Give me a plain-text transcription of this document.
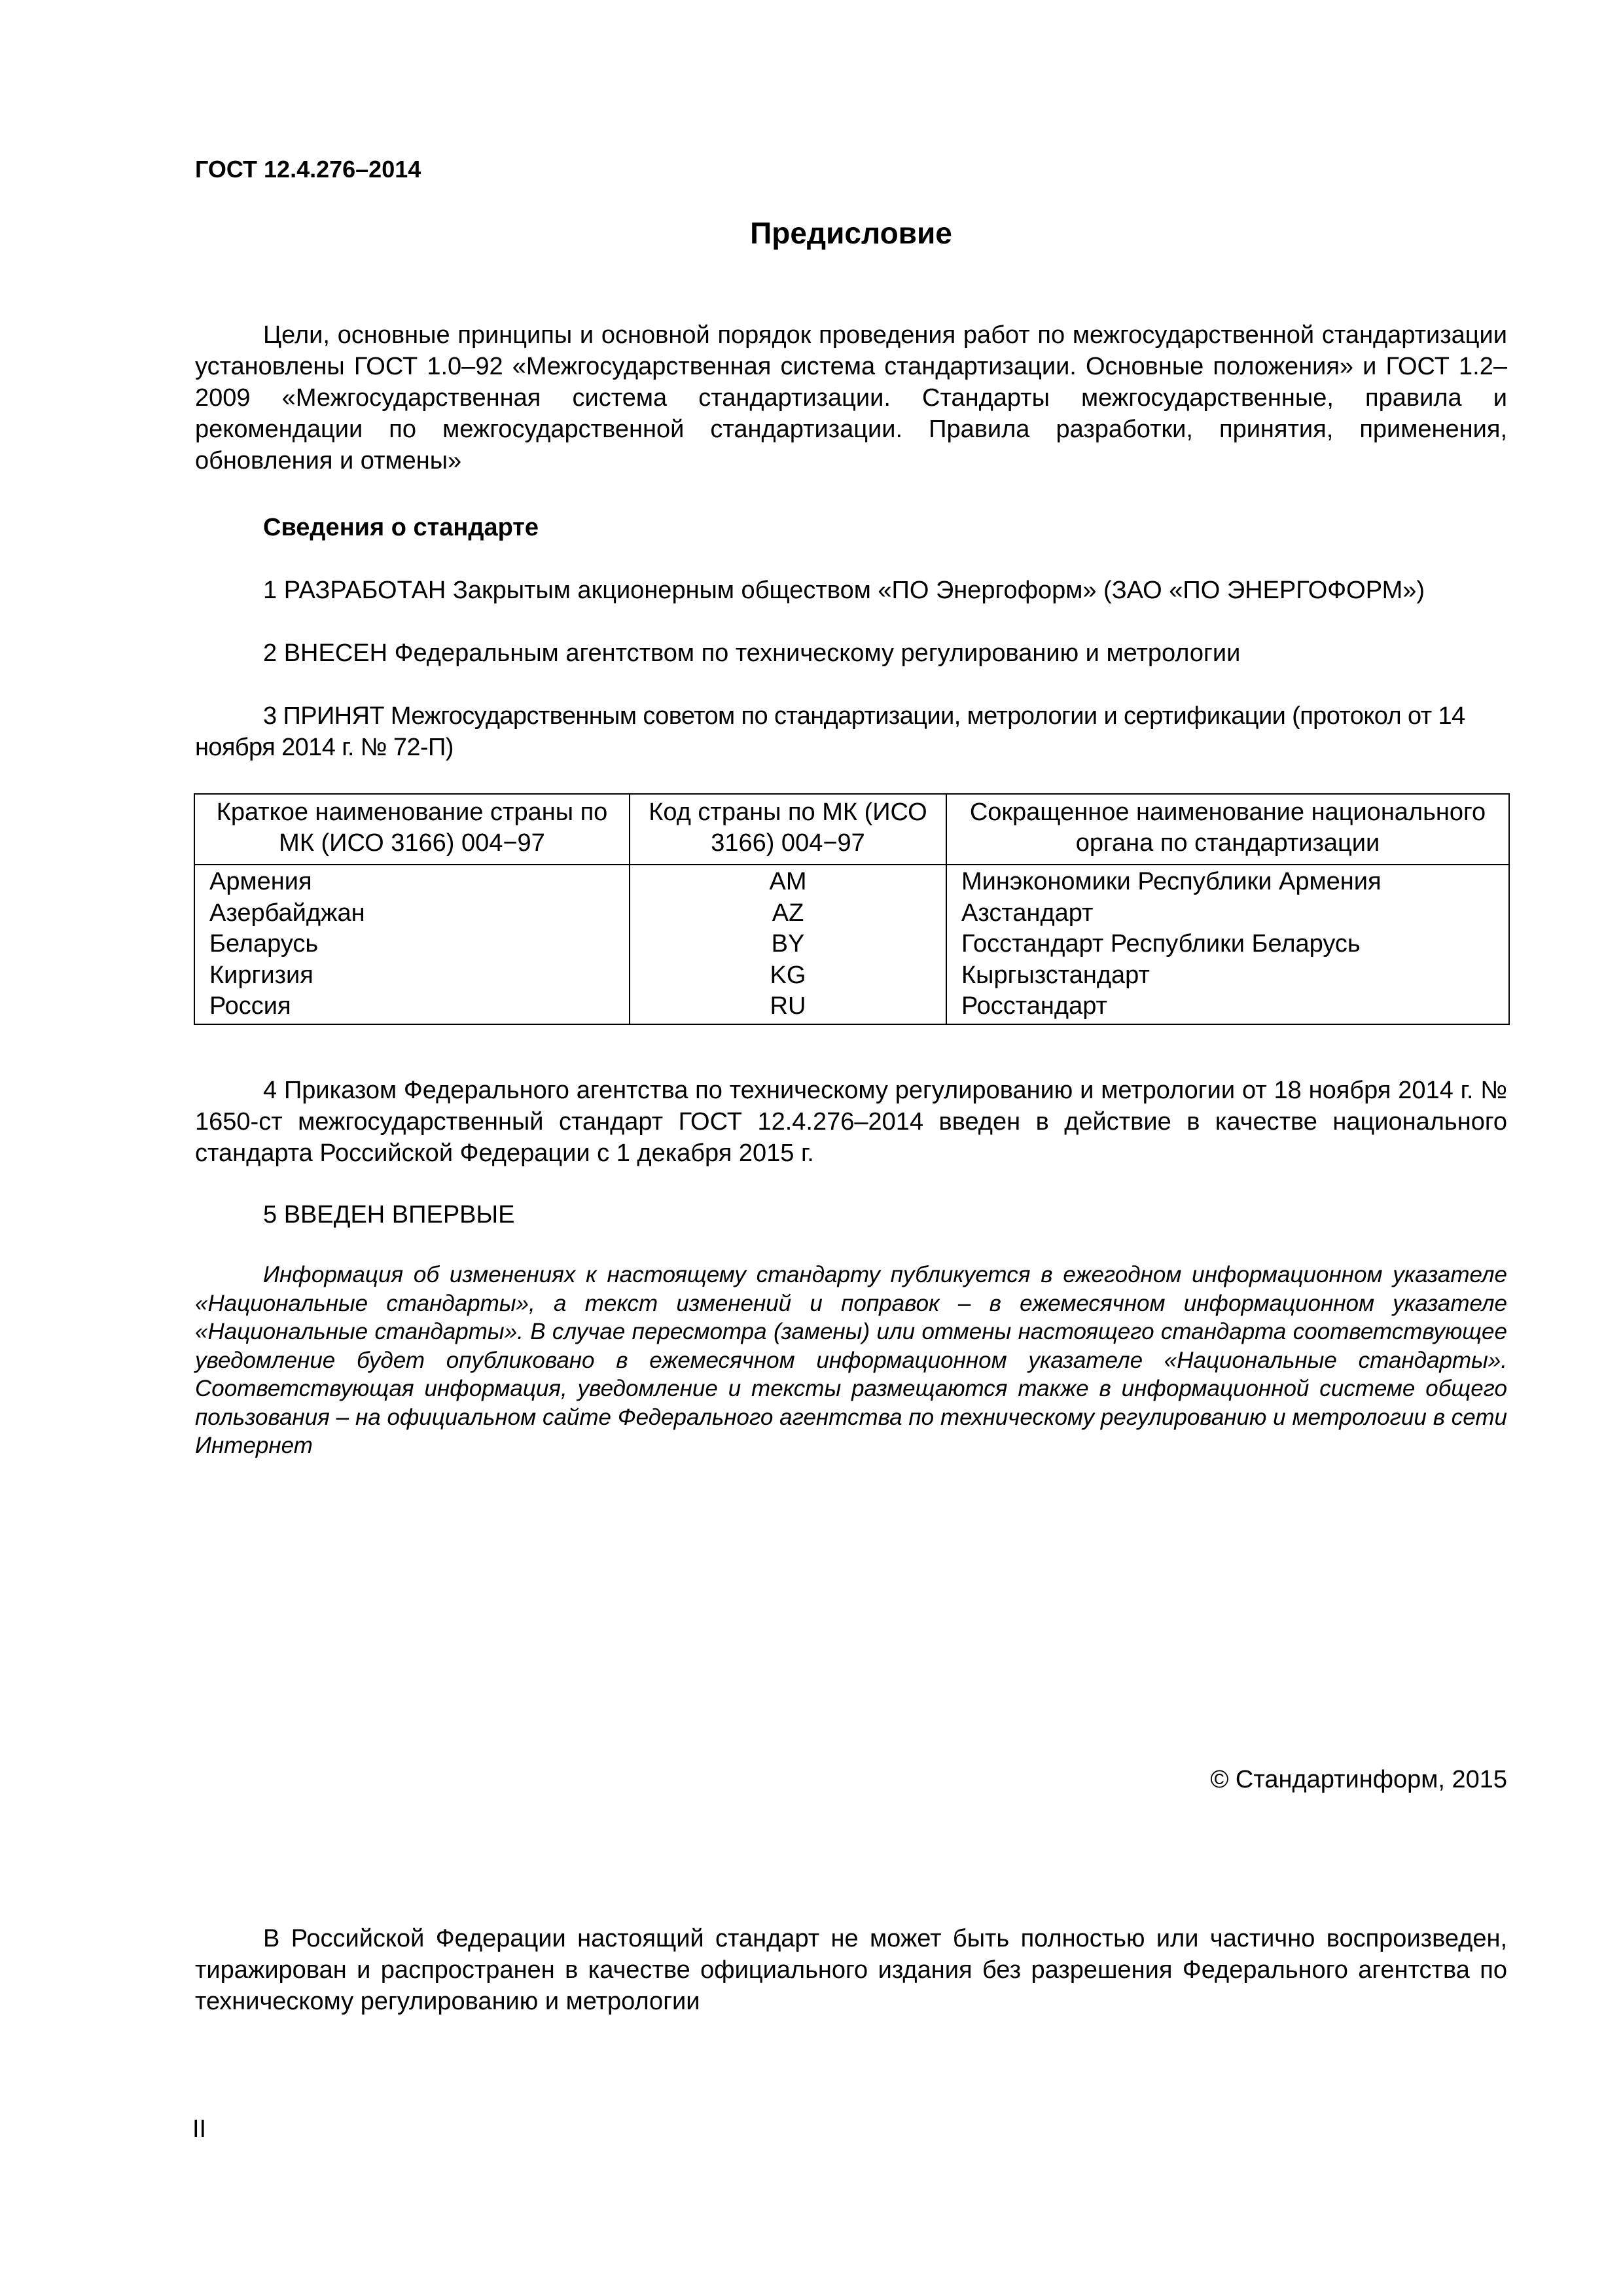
ГОСТ 12.4.276–2014
Предисловие
Цели, основные принципы и основной порядок проведения работ по межгосударственной стандартизации установлены ГОСТ 1.0–92 «Межгосударственная система стандартизации. Основные положения» и ГОСТ 1.2–2009 «Межгосударственная система стандартизации. Стандарты межгосударственные, правила и рекомендации по межгосударственной стандартизации. Правила разработки, принятия, применения, обновления и отмены»
Сведения о стандарте
1 РАЗРАБОТАН Закрытым акционерным обществом «ПО Энергоформ» (ЗАО «ПО ЭНЕРГОФОРМ»)
2 ВНЕСЕН Федеральным агентством по техническому регулированию и метрологии
3 ПРИНЯТ Межгосударственным советом по стандартизации, метрологии и сертификации (протокол от 14 ноября 2014 г. № 72-П)
Краткое наименование страны по МК (ИСО 3166) 004−97	Код страны по МК (ИСО 3166) 004−97	Сокращенное наименование национального органа по стандартизации
Армения	AM	Минэкономики Республики Армения
Азербайджан	AZ	Азстандарт
Беларусь	BY	Госстандарт Республики Беларусь
Киргизия	KG	Кыргызстандарт
Россия	RU	Росстандарт
4 Приказом Федерального агентства по техническому регулированию и метрологии от 18 ноября 2014 г. № 1650-ст межгосударственный стандарт ГОСТ 12.4.276–2014 введен в действие в качестве национального стандарта Российской Федерации с 1 декабря 2015 г.
5 ВВЕДЕН ВПЕРВЫЕ
Информация об изменениях к настоящему стандарту публикуется в ежегодном информационном указателе «Национальные стандарты», а текст изменений и поправок – в ежемесячном информационном указателе «Национальные стандарты». В случае пересмотра (замены) или отмены настоящего стандарта соответствующее уведомление будет опубликовано в ежемесячном информационном указателе «Национальные стандарты». Соответствующая информация, уведомление и тексты размещаются также в информационной системе общего пользования – на официальном сайте Федерального агентства по техническому регулированию и метрологии в сети Интернет
© Стандартинформ, 2015
В Российской Федерации настоящий стандарт не может быть полностью или частично воспроизведен, тиражирован и распространен в качестве официального издания без разрешения Федерального агентства по техническому регулированию и метрологии
II
